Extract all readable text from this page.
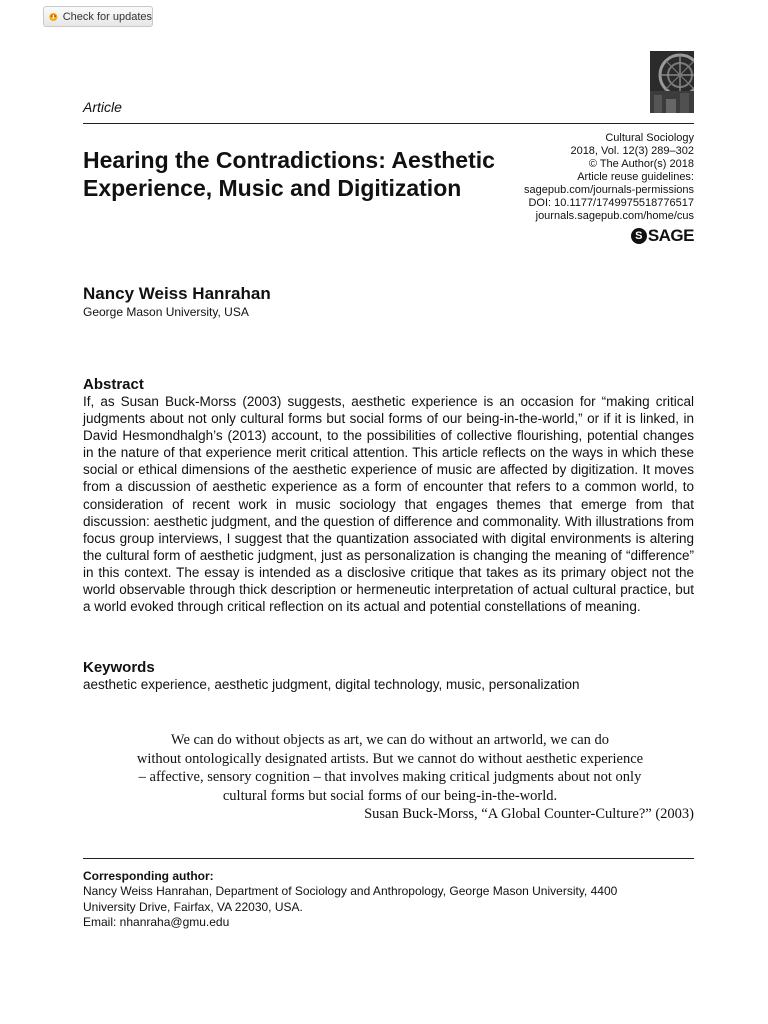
Check for updates
Article
Hearing the Contradictions: Aesthetic Experience, Music and Digitization
Cultural Sociology
2018, Vol. 12(3) 289–302
© The Author(s) 2018
Article reuse guidelines:
sagepub.com/journals-permissions
DOI: 10.1177/1749975518776517
journals.sagepub.com/home/cus
S SAGE
Nancy Weiss Hanrahan
George Mason University, USA
Abstract

If, as Susan Buck-Morss (2003) suggests, aesthetic experience is an occasion for “making critical judgments about not only cultural forms but social forms of our being-in-the-world,” or if it is linked, in David Hesmondhalgh’s (2013) account, to the possibilities of collective flourishing, potential changes in the nature of that experience merit critical attention. This article reflects on the ways in which these social or ethical dimensions of the aesthetic experience of music are affected by digitization. It moves from a discussion of aesthetic experience as a form of encounter that refers to a common world, to consideration of recent work in music sociology that engages themes that emerge from that discussion: aesthetic judgment, and the question of difference and commonality. With illustrations from focus group interviews, I suggest that the quantization associated with digital environments is altering the cultural form of aesthetic judgment, just as personalization is changing the meaning of “difference” in this context. The essay is intended as a disclosive critique that takes as its primary object not the world observable through thick description or hermeneutic interpretation of actual cultural practice, but a world evoked through critical reflection on its actual and potential constellations of meaning.

Keywords
aesthetic experience, aesthetic judgment, digital technology, music, personalization
We can do without objects as art, we can do without an artworld, we can do
without ontologically designated artists. But we cannot do without aesthetic experience
– affective, sensory cognition – that involves making critical judgments about not only
cultural forms but social forms of our being-in-the-world.
Susan Buck-Morss, “A Global Counter-Culture?” (2003)
Corresponding author:
Nancy Weiss Hanrahan, Department of Sociology and Anthropology, George Mason University, 4400
University Drive, Fairfax, VA 22030, USA.
Email: nhanraha@gmu.edu
